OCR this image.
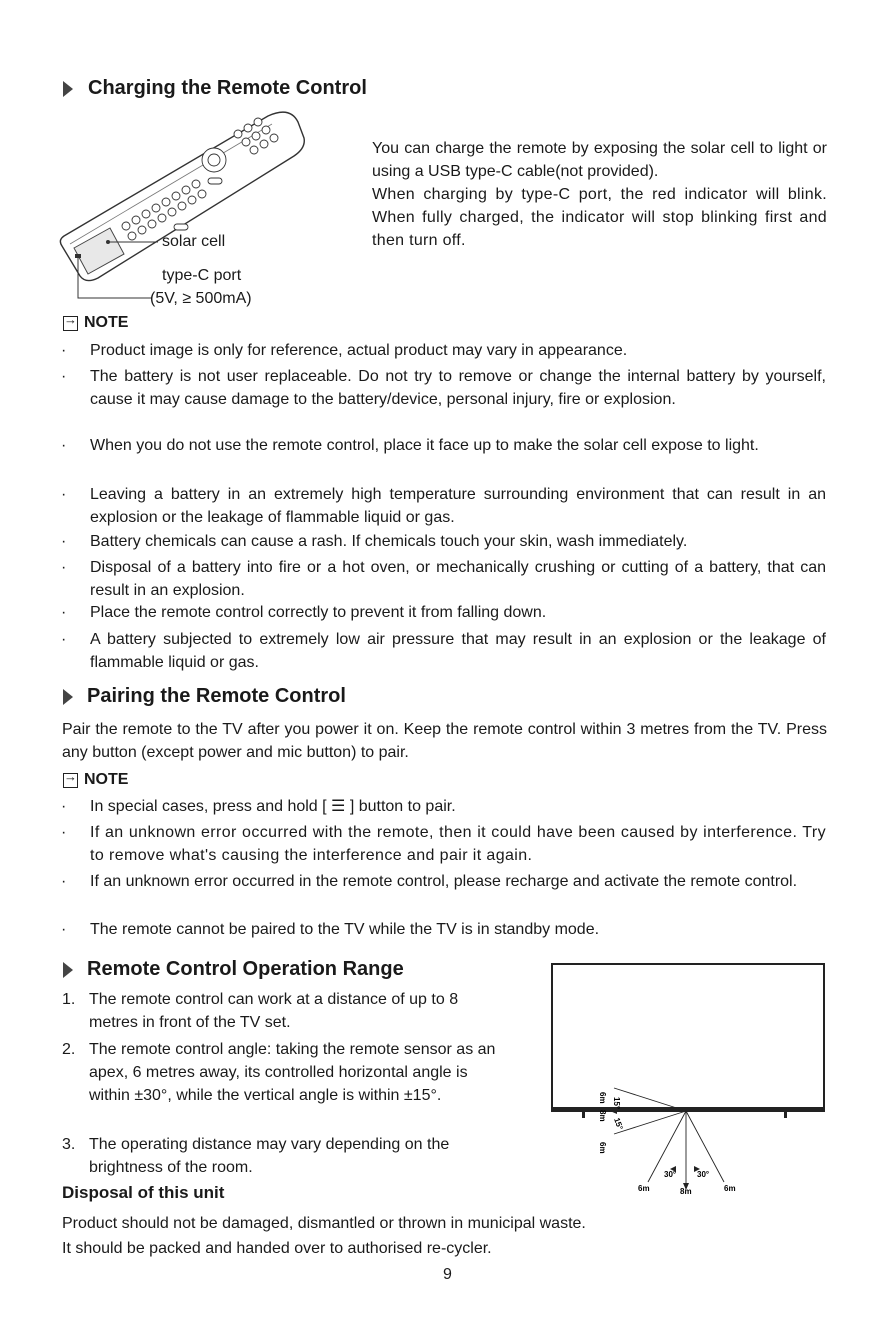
Charging the Remote Control
solar cell
type-C port
(5V, ≥ 500mA)
You can charge the remote by exposing the solar cell to light or using a USB type-C cable(not provided).
When charging by type-C port, the red indicator will blink. When fully charged, the indicator will stop blinking first and then turn off.
→
NOTE
· Product image is only for reference, actual product may vary in appearance.
· The battery is not user replaceable. Do not try to remove or change the internal battery by yourself, cause it may cause damage to the battery/device, personal injury, fire or explosion.
· When you do not use the remote control, place it face up to make the solar cell expose to light.
· Leaving a battery in an extremely high temperature surrounding environment that can result in an explosion or the leakage of flammable liquid or gas.
· Battery chemicals can cause a rash. If chemicals touch your skin, wash immediately.
· Disposal of a battery into fire or a hot oven, or mechanically crushing or cutting of a battery, that can result in an explosion.
· Place the remote control correctly to prevent it from falling down.
· A battery subjected to extremely low air pressure that may result in an explosion or the leakage of flammable liquid or gas.
Pairing the Remote Control
Pair the remote to the TV after you power it on. Keep the remote control within 3 metres from the TV. Press any button (except power and mic button) to pair.
→
NOTE
· In special cases, press and hold [ ☰ ] button to pair.
· If an unknown error occurred with the remote, then it could have been caused by interference. Try to remove what's causing the interference and pair it again.
· If an unknown error occurred in the remote control, please recharge and activate the remote control.
· The remote cannot be paired to the TV while the TV is in standby mode.
Remote Control Operation Range
1. The remote control can work at a distance of up to 8 metres in front of the TV set.
2. The remote control angle: taking the remote sensor as an apex, 6 metres away, its controlled horizontal angle is within ±30°, while the vertical angle is within ±15°.
3. The operating distance may vary depending on the brightness of the room.
6m
8m
6m
15°
15°
30°	30°
6m	8m	6m
Disposal of this unit
Product should not be damaged, dismantled or thrown in municipal waste.
It should be packed and handed over to authorised re-cycler.
9
